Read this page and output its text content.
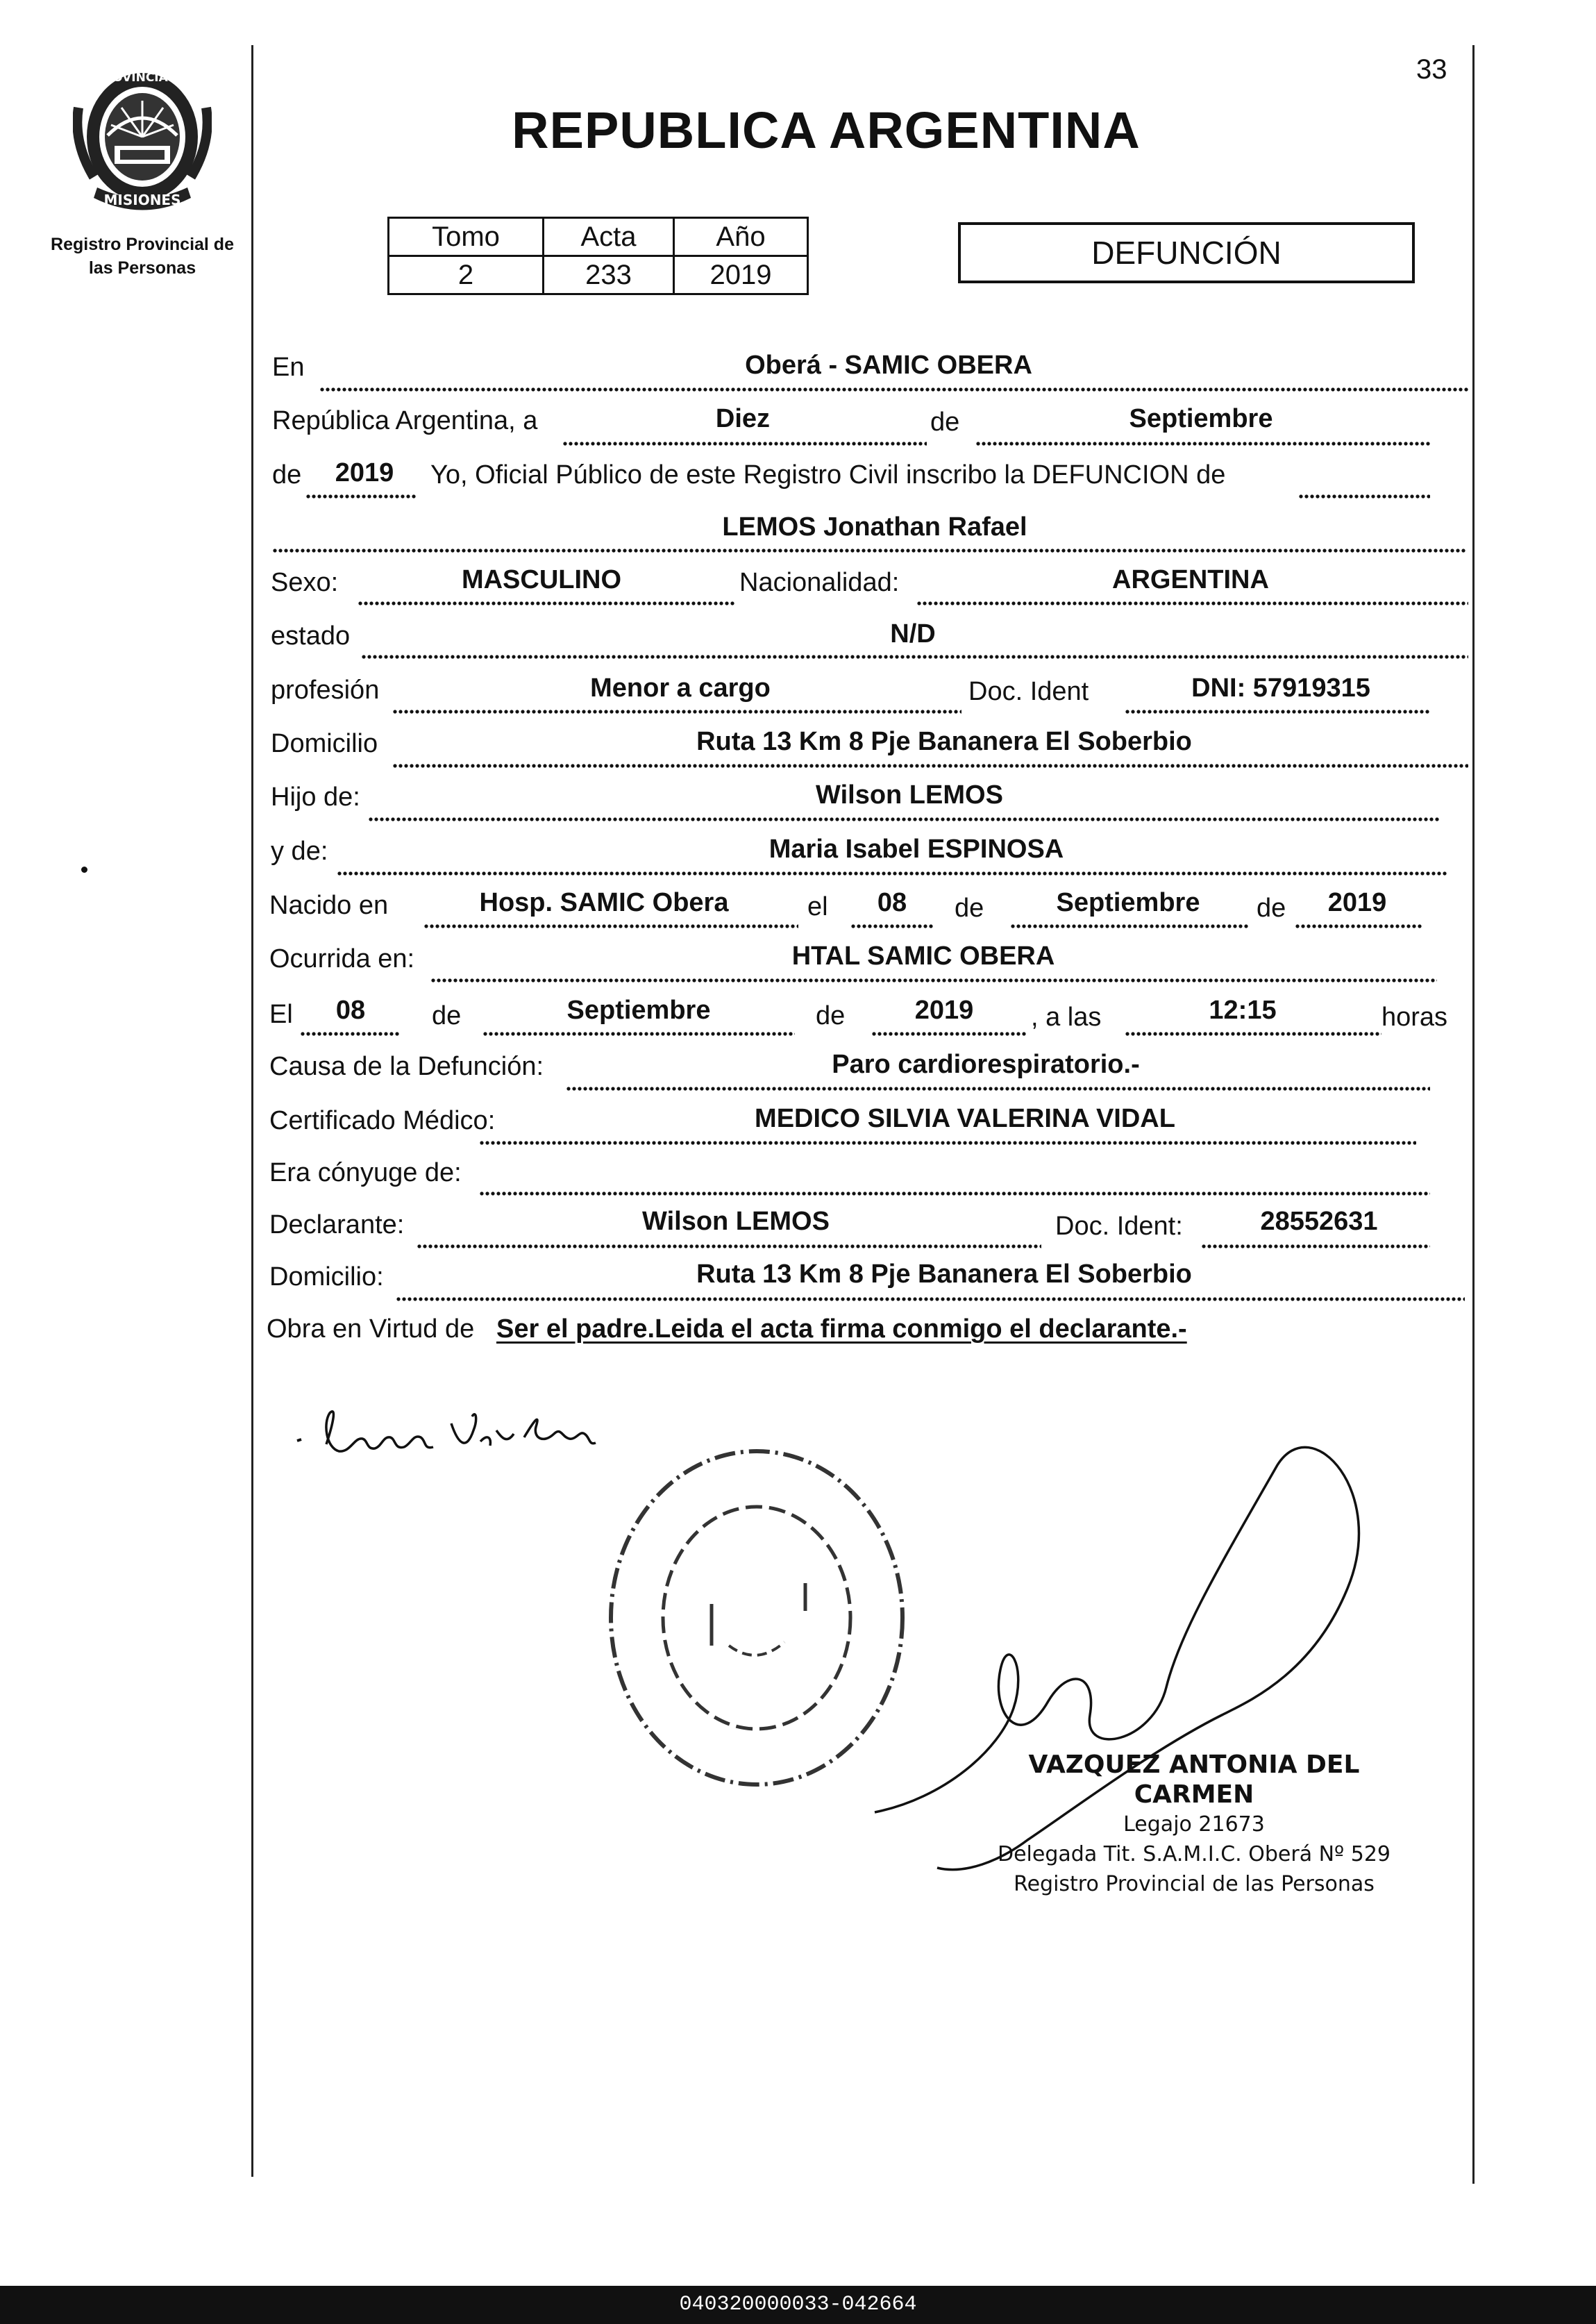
MISIONES
PROVINCIA DE
Registro Provincial de
las Personas
REPUBLICA ARGENTINA
33
Tomo	Acta	Año
2	233	2019
DEFUNCIÓN
En	Oberá - SAMIC OBERA
República Argentina, a	Diez	de	Septiembre
de	2019	Yo, Oficial Público de este Registro Civil inscribo la DEFUNCION de
LEMOS Jonathan Rafael
Sexo:	MASCULINO	Nacionalidad:	ARGENTINA
estado	N/D
profesión	Menor a cargo	Doc. Ident	DNI: 57919315
Domicilio	Ruta 13 Km 8 Pje Bananera El Soberbio
Hijo de:	Wilson LEMOS
y de:	Maria Isabel ESPINOSA
Nacido en	Hosp. SAMIC Obera	el	08	de	Septiembre	de	2019
Ocurrida en:	HTAL SAMIC OBERA
El	08	de	Septiembre	de	2019	, a las	12:15	horas
Causa de la Defunción:	Paro cardiorespiratorio.-
Certificado Médico:	MEDICO SILVIA VALERINA VIDAL
Era cónyuge de:
Declarante:	Wilson LEMOS	Doc. Ident:	28552631
Domicilio:	Ruta 13 Km 8 Pje Bananera El Soberbio
Obra en Virtud de Ser el padre.Leida el acta firma conmigo el declarante.-
VAZQUEZ ANTONIA DEL CARMEN
Legajo 21673
Delegada Tit. S.A.M.I.C. Oberá Nº 529
Registro Provincial de las Personas
040320000033-042664
